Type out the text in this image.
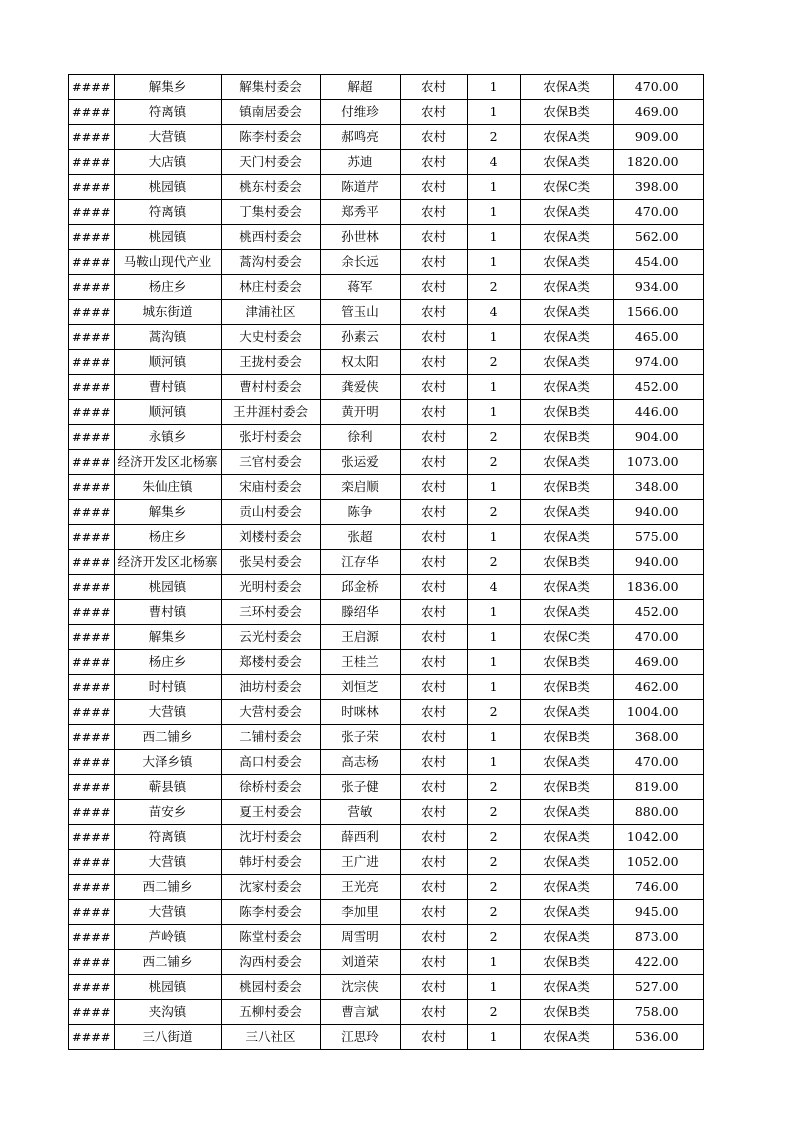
####	解集乡	解集村委会	解超	农村	1	农保A类	470.00
####	符离镇	镇南居委会	付维珍	农村	1	农保B类	469.00
####	大营镇	陈李村委会	郝鸣亮	农村	2	农保A类	909.00
####	大店镇	天门村委会	苏迪	农村	4	农保A类	1820.00
####	桃园镇	桃东村委会	陈道芹	农村	1	农保C类	398.00
####	符离镇	丁集村委会	郑秀平	农村	1	农保A类	470.00
####	桃园镇	桃西村委会	孙世林	农村	1	农保A类	562.00
####	马鞍山现代产业	蒿沟村委会	余长远	农村	1	农保A类	454.00
####	杨庄乡	林庄村委会	蒋军	农村	2	农保A类	934.00
####	城东街道	津浦社区	管玉山	农村	4	农保A类	1566.00
####	蒿沟镇	大史村委会	孙素云	农村	1	农保A类	465.00
####	顺河镇	王拢村委会	权太阳	农村	2	农保A类	974.00
####	曹村镇	曹村村委会	龚爱侠	农村	1	农保A类	452.00
####	顺河镇	王井涯村委会	黄开明	农村	1	农保B类	446.00
####	永镇乡	张圩村委会	徐利	农村	2	农保B类	904.00
####	经济开发区北杨寨	三官村委会	张运爱	农村	2	农保A类	1073.00
####	朱仙庄镇	宋庙村委会	栾启顺	农村	1	农保B类	348.00
####	解集乡	贡山村委会	陈争	农村	2	农保A类	940.00
####	杨庄乡	刘楼村委会	张超	农村	1	农保A类	575.00
####	经济开发区北杨寨	张吴村委会	江存华	农村	2	农保B类	940.00
####	桃园镇	光明村委会	邱金桥	农村	4	农保A类	1836.00
####	曹村镇	三环村委会	滕绍华	农村	1	农保A类	452.00
####	解集乡	云光村委会	王启源	农村	1	农保C类	470.00
####	杨庄乡	郑楼村委会	王桂兰	农村	1	农保B类	469.00
####	时村镇	油坊村委会	刘恒芝	农村	1	农保B类	462.00
####	大营镇	大营村委会	时咪林	农村	2	农保A类	1004.00
####	西二铺乡	二铺村委会	张子荣	农村	1	农保B类	368.00
####	大泽乡镇	高口村委会	高志杨	农村	1	农保A类	470.00
####	蕲县镇	徐桥村委会	张子健	农村	2	农保B类	819.00
####	苗安乡	夏王村委会	营敏	农村	2	农保A类	880.00
####	符离镇	沈圩村委会	薛西利	农村	2	农保A类	1042.00
####	大营镇	韩圩村委会	王广进	农村	2	农保A类	1052.00
####	西二铺乡	沈家村委会	王光亮	农村	2	农保A类	746.00
####	大营镇	陈李村委会	李加里	农村	2	农保A类	945.00
####	芦岭镇	陈堂村委会	周雪明	农村	2	农保A类	873.00
####	西二铺乡	沟西村委会	刘道荣	农村	1	农保B类	422.00
####	桃园镇	桃园村委会	沈宗侠	农村	1	农保A类	527.00
####	夹沟镇	五柳村委会	曹言斌	农村	2	农保B类	758.00
####	三八街道	三八社区	江思玲	农村	1	农保A类	536.00
